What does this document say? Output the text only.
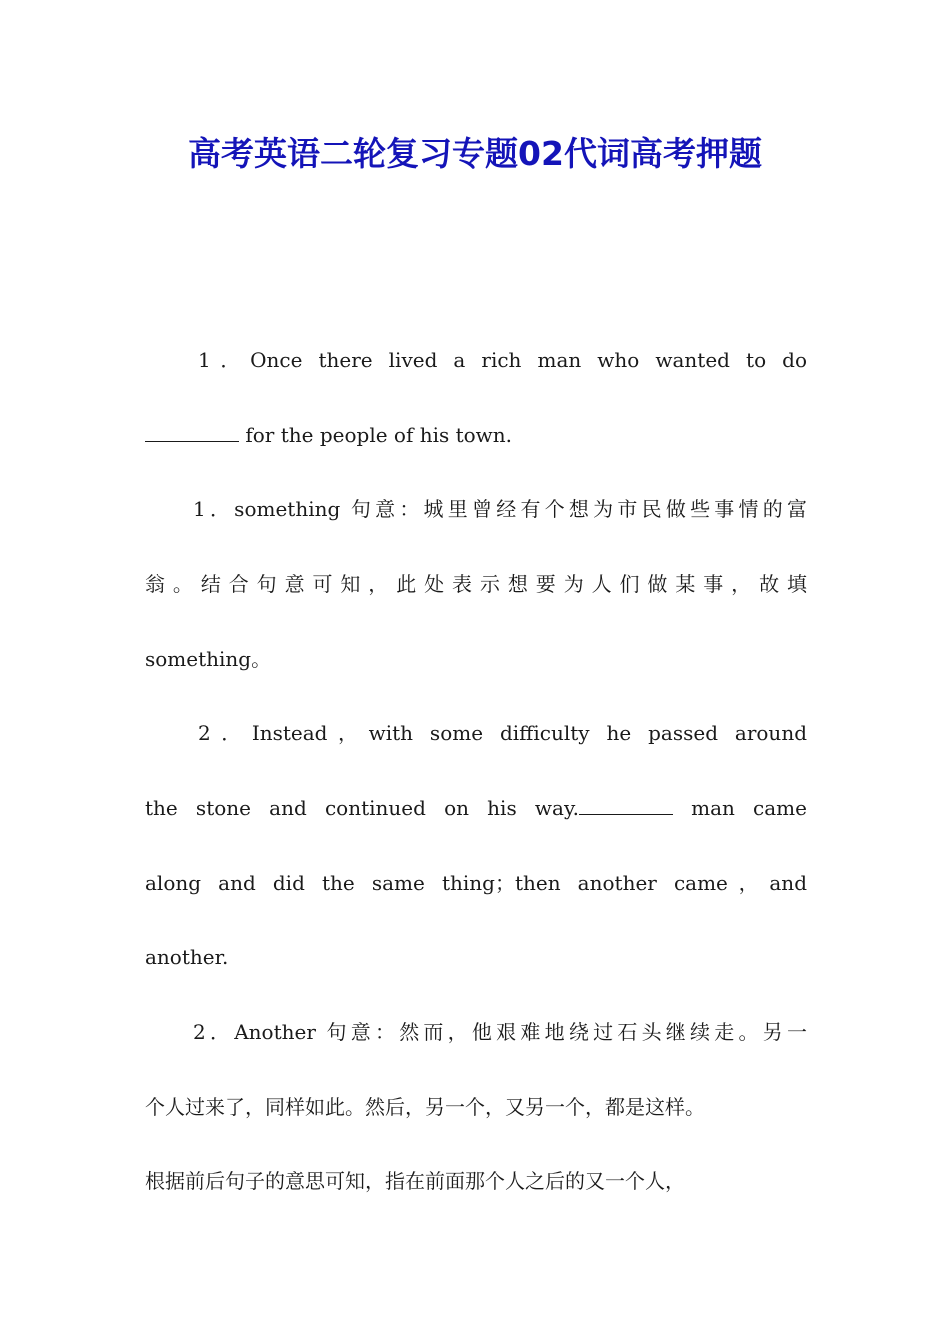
高考英语二轮复习专题02代词高考押题

1．Once there lived a rich man who wanted to do

for the people of his town.

1．something 句意：城里曾经有个想为市民做些事情的富

翁。结合句意可知，此处表示想要为人们做某事，故填

something。

2．Instead，with some difficulty he passed around

the stone and continued on his way.	man came

along and did the same thing；then another came，and

another.

2．Another 句意：然而，他艰难地绕过石头继续走。另一

个人过来了，同样如此。然后，另一个，又另一个，都是这样。

根据前后句子的意思可知，指在前面那个人之后的又一个人，
